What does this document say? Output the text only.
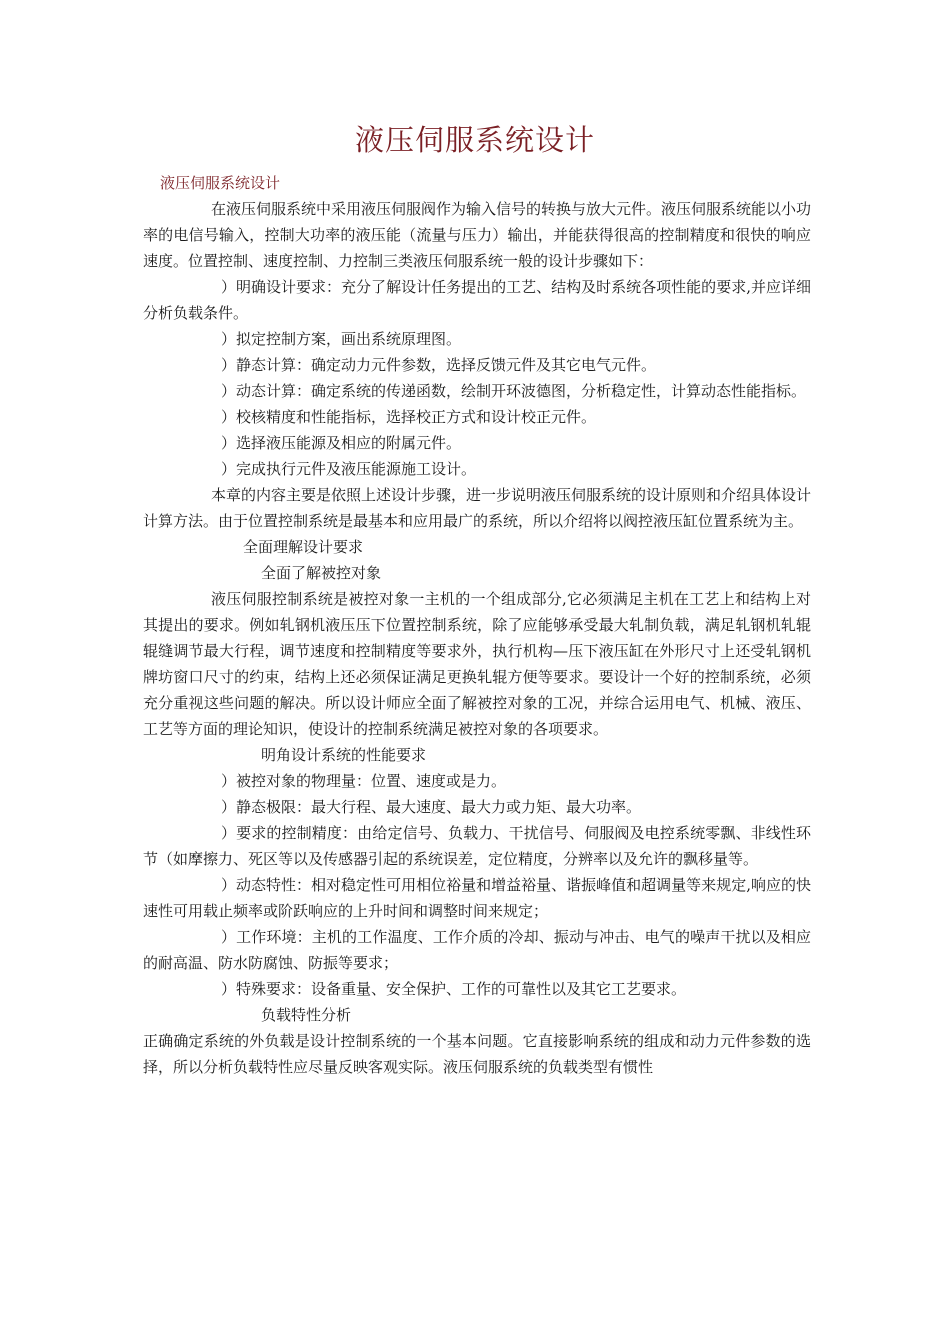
液压伺服系统设计
液压伺服系统设计

在液压伺服系统中采用液压伺服阀作为输入信号的转换与放大元件。液压伺服系统能以小功率的电信号输入，控制大功率的液压能（流量与压力）输出，并能获得很高的控制精度和很快的响应速度。位置控制、速度控制、力控制三类液压伺服系统一般的设计步骤如下：

）明确设计要求：充分了解设计任务提出的工艺、结构及时系统各项性能的要求,并应详细分析负载条件。

）拟定控制方案，画出系统原理图。

）静态计算：确定动力元件参数，选择反馈元件及其它电气元件。

）动态计算：确定系统的传递函数，绘制开环波德图，分析稳定性，计算动态性能指标。

）校核精度和性能指标，选择校正方式和设计校正元件。

）选择液压能源及相应的附属元件。

）完成执行元件及液压能源施工设计。

本章的内容主要是依照上述设计步骤，进一步说明液压伺服系统的设计原则和介绍具体设计计算方法。由于位置控制系统是最基本和应用最广的系统，所以介绍将以阀控液压缸位置系统为主。

全面理解设计要求

全面了解被控对象

液压伺服控制系统是被控对象一主机的一个组成部分,它必须满足主机在工艺上和结构上对其提出的要求。例如轧钢机液压压下位置控制系统，除了应能够承受最大轧制负载，满足轧钢机轧辊辊缝调节最大行程，调节速度和控制精度等要求外，执行机构—压下液压缸在外形尺寸上还受轧钢机牌坊窗口尺寸的约束，结构上还必须保证满足更换轧辊方便等要求。要设计一个好的控制系统，必须充分重视这些问题的解决。所以设计师应全面了解被控对象的工况，并综合运用电气、机械、液压、工艺等方面的理论知识，使设计的控制系统满足被控对象的各项要求。

明角设计系统的性能要求

）被控对象的物理量：位置、速度或是力。

）静态极限：最大行程、最大速度、最大力或力矩、最大功率。

）要求的控制精度：由给定信号、负载力、干扰信号、伺服阀及电控系统零飘、非线性环节（如摩擦力、死区等以及传感器引起的系统误差，定位精度，分辨率以及允许的飘移量等。

）动态特性：相对稳定性可用相位裕量和增益裕量、谐振峰值和超调量等来规定,响应的快速性可用载止频率或阶跃响应的上升时间和调整时间来规定；

）工作环境：主机的工作温度、工作介质的冷却、振动与冲击、电气的噪声干扰以及相应的耐高温、防水防腐蚀、防振等要求；

）特殊要求：设备重量、安全保护、工作的可靠性以及其它工艺要求。

负载特性分析

正确确定系统的外负载是设计控制系统的一个基本问题。它直接影响系统的组成和动力元件参数的选择，所以分析负载特性应尽量反映客观实际。液压伺服系统的负载类型有惯性
